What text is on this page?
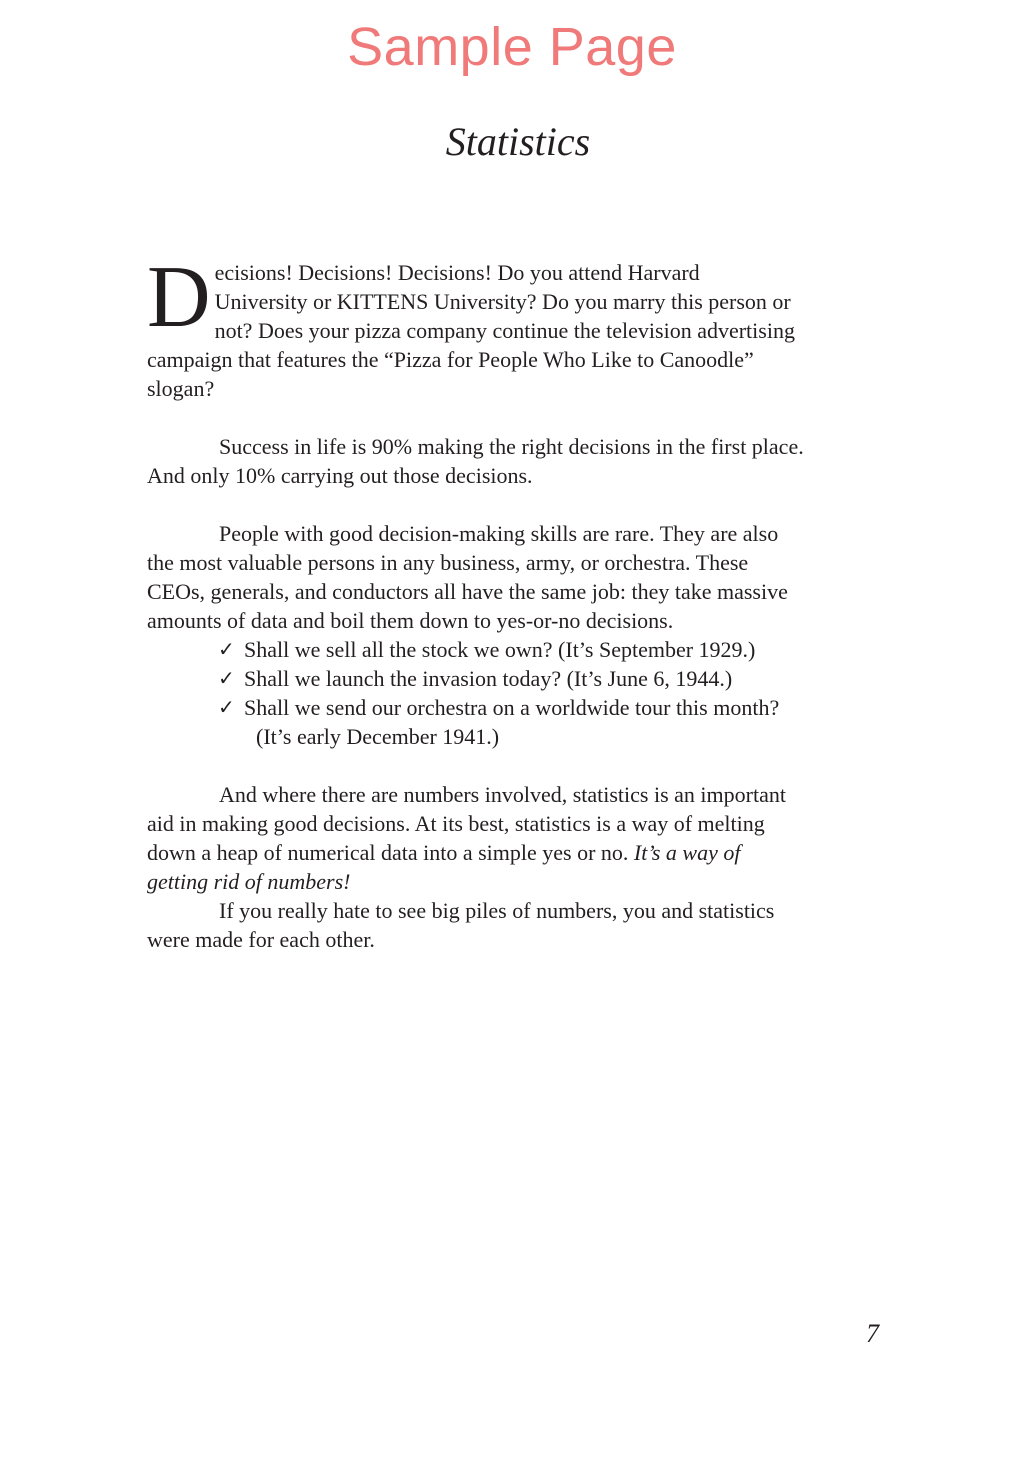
Sample Page
Statistics
D ecisions! Decisions! Decisions! Do you attend Harvard
University or KITTENS University? Do you marry this person or
not? Does your pizza company continue the television advertising
campaign that features the “Pizza for People Who Like to Canoodle”
slogan?
Success in life is 90% making the right decisions in the first place.
And only 10% carrying out those decisions.
People with good decision-making skills are rare. They are also
the most valuable persons in any business, army, or orchestra. These
CEOs, generals, and conductors all have the same job: they take massive
amounts of data and boil them down to yes-or-no decisions.
✓ Shall we sell all the stock we own? (It’s September 1929.)
✓ Shall we launch the invasion today? (It’s June 6, 1944.)
✓ Shall we send our orchestra on a worldwide tour this month?
(It’s early December 1941.)
And where there are numbers involved, statistics is an important
aid in making good decisions. At its best, statistics is a way of melting
down a heap of numerical data into a simple yes or no. It’s a way of
getting rid of numbers!
If you really hate to see big piles of numbers, you and statistics
were made for each other.
7
